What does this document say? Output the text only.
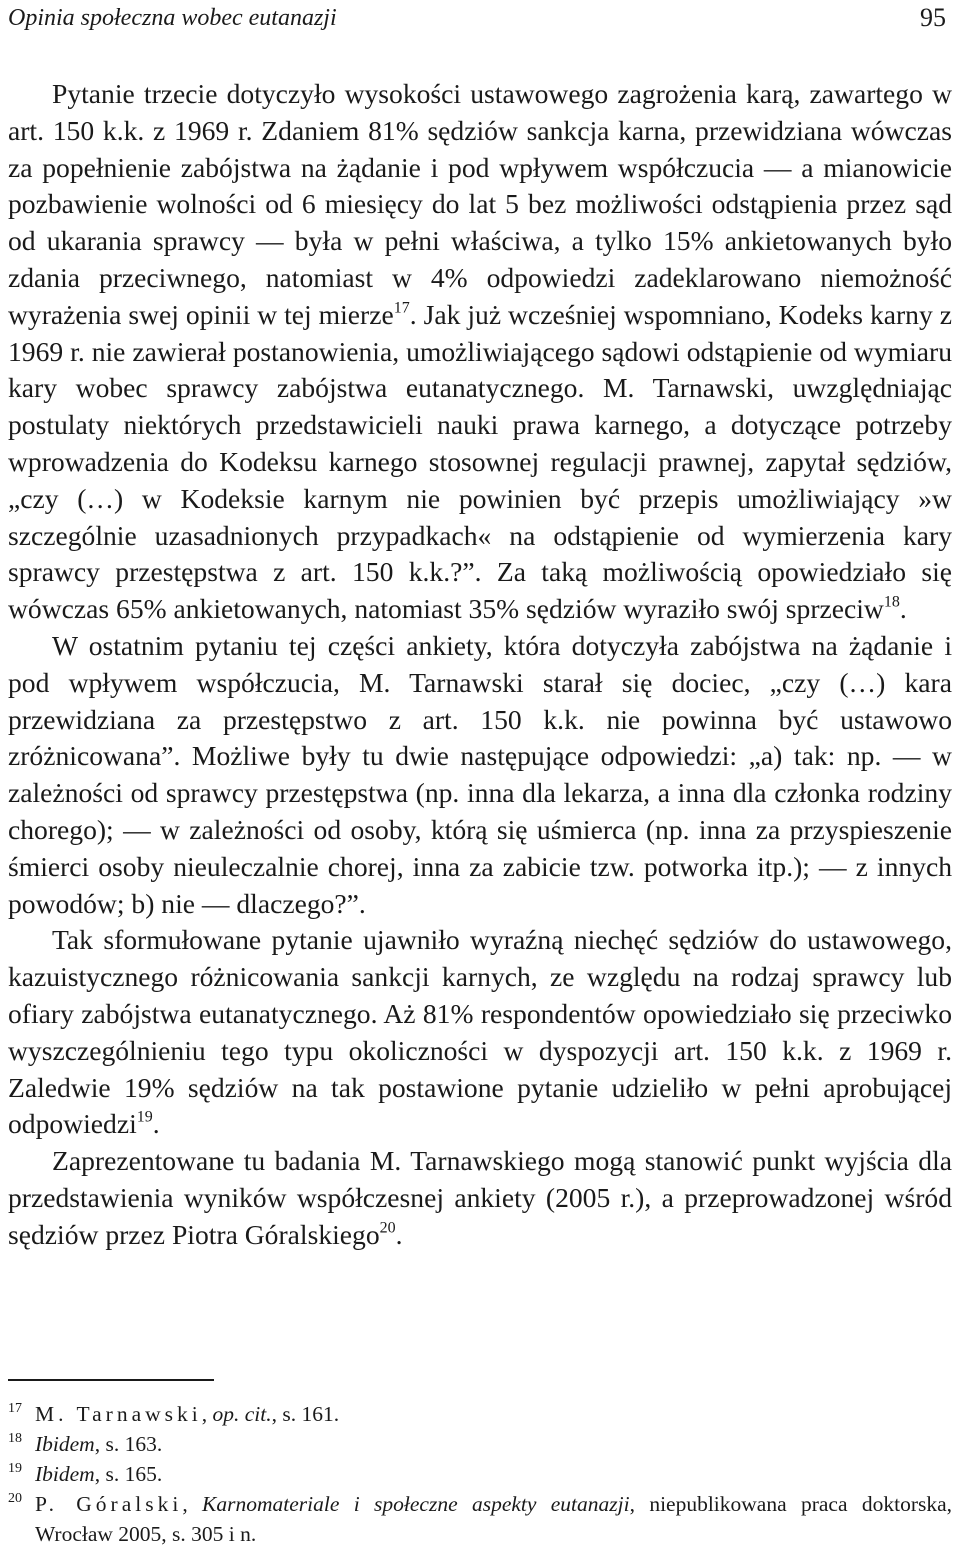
Opinia społeczna wobec eutanazji	95

Pytanie trzecie dotyczyło wysokości ustawowego zagrożenia karą, zawartego w art. 150 k.k. z 1969 r. Zdaniem 81% sędziów sankcja karna, przewidziana wówczas za popełnienie zabójstwa na żądanie i pod wpływem współczucia — a mianowicie pozbawienie wolności od 6 miesięcy do lat 5 bez możliwości odstąpienia przez sąd od ukarania sprawcy — była w pełni właściwa, a tylko 15% ankietowanych było zdania przeciwnego, natomiast w 4% odpowiedzi zadeklarowano niemożność wyrażenia swej opinii w tej mierze$^{17}$. Jak już wcześniej wspomniano, Kodeks karny z 1969 r. nie zawierał postanowienia, umożliwiającego sądowi odstąpienie od wymiaru kary wobec sprawcy zabójstwa eutanatycznego. M. Tarnawski, uwzględniając postulaty niektórych przedstawicieli nauki prawa karnego, a dotyczące potrzeby wprowadzenia do Kodeksu karnego stosownej regulacji prawnej, zapytał sędziów, „czy (…) w Kodeksie karnym nie powinien być przepis umożliwiający »w szczególnie uzasadnionych przypadkach« na odstąpienie od wymierzenia kary sprawcy przestępstwa z art. 150 k.k.?”. Za taką możliwością opowiedziało się wówczas 65% ankietowanych, natomiast 35% sędziów wyraziło swój sprzeciw$^{18}$.

W ostatnim pytaniu tej części ankiety, która dotyczyła zabójstwa na żądanie i pod wpływem współczucia, M. Tarnawski starał się dociec, „czy (…) kara przewidziana za przestępstwo z art. 150 k.k. nie powinna być ustawowo zróżnicowana”. Możliwe były tu dwie następujące odpowiedzi: „a) tak: np. — w zależności od sprawcy przestępstwa (np. inna dla lekarza, a inna dla członka rodziny chorego); — w zależności od osoby, którą się uśmierca (np. inna za przyspieszenie śmierci osoby nieuleczalnie chorej, inna za zabicie tzw. potworka itp.); — z innych powodów; b) nie — dlaczego?”.

Tak sformułowane pytanie ujawniło wyraźną niechęć sędziów do ustawowego, kazuistycznego różnicowania sankcji karnych, ze względu na rodzaj sprawcy lub ofiary zabójstwa eutanatycznego. Aż 81% respondentów opowiedziało się przeciwko wyszczególnieniu tego typu okoliczności w dyspozycji art. 150 k.k. z 1969 r. Zaledwie 19% sędziów na tak postawione pytanie udzieliło w pełni aprobującej odpowiedzi$^{19}$.

Zaprezentowane tu badania M. Tarnawskiego mogą stanowić punkt wyjścia dla przedstawienia wyników współczesnej ankiety (2005 r.), a przeprowadzonej wśród sędziów przez Piotra Góralskiego$^{20}$.

17 M. Tarnawski, op. cit., s. 161.

18 Ibidem, s. 163.

19 Ibidem, s. 165.

20 P. Góralski, Karnomateriale i społeczne aspekty eutanazji, niepublikowana praca doktorska, Wrocław 2005, s. 305 i n.
